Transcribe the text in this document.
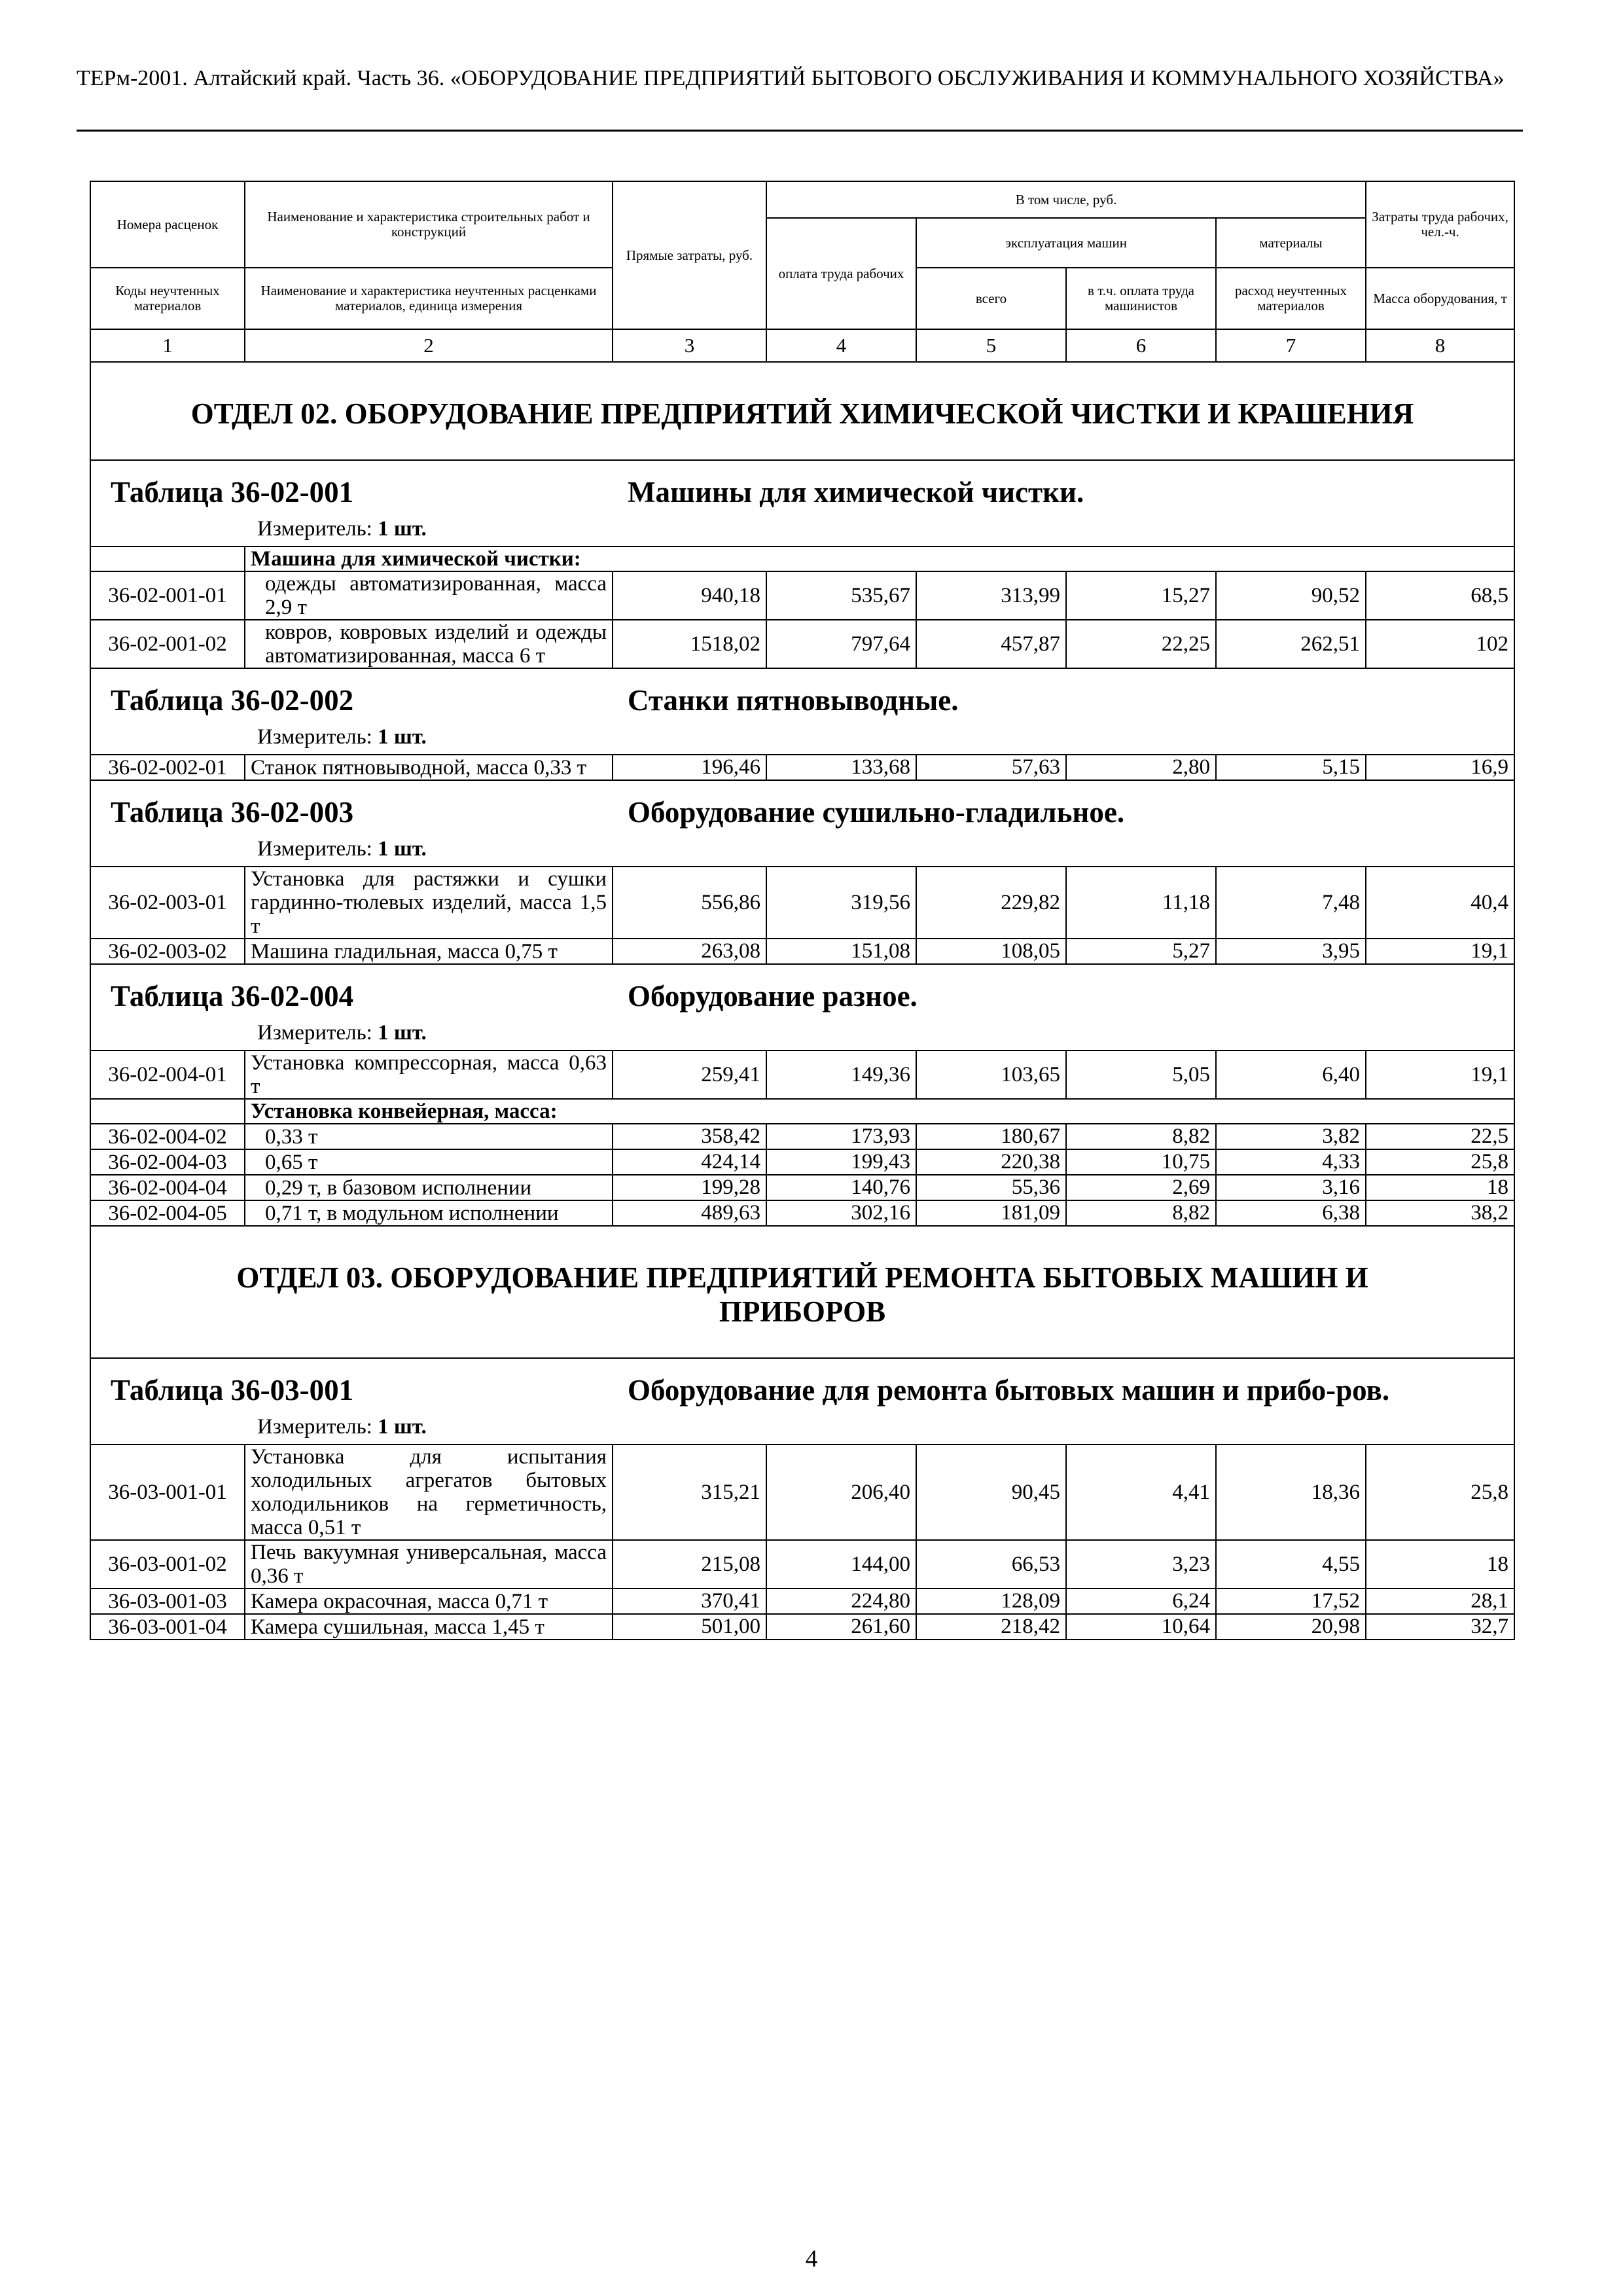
ТЕРм-2001. Алтайский край. Часть 36. «ОБОРУДОВАНИЕ ПРЕДПРИЯТИЙ БЫТОВОГО ОБСЛУЖИВАНИЯ И КОММУНАЛЬНОГО ХОЗЯЙСТВА»
Номера расценок	Наименование и характеристика строительных работ и конструкций	Прямые затраты, руб.	В том числе, руб.				Затраты труда рабочих, чел.-ч.
			оплата труда рабочих	эксплуатация машин		материалы	
Коды неучтенных материалов	Наименование и характеристика неучтенных расценками материалов, единица измерения			всего	в т.ч. оплата труда машинистов	расход неучтенных материалов	Масса оборудования, т
1	2	3	4	5	6	7	8
ОТДЕЛ 02. ОБОРУДОВАНИЕ ПРЕДПРИЯТИЙ ХИМИЧЕСКОЙ ЧИСТКИ И КРАШЕНИЯ							

Таблица 36-02-001 Машины для химической чистки.
Измеритель: 1 шт.							

	Машина для химической чистки:						
36-02-001-01	одежды автоматизированная, масса 2,9 т	940,18	535,67	313,99	15,27	90,52	68,5
36-02-001-02	ковров, ковровых изделий и одежды автоматизированная, масса 6 т	1518,02	797,64	457,87	22,25	262,51	102

Таблица 36-02-002 Станки пятновыводные.
Измеритель: 1 шт.							

36-02-002-01	Станок пятновыводной, масса 0,33 т	196,46	133,68	57,63	2,80	5,15	16,9

Таблица 36-02-003 Оборудование сушильно-гладильное.
Измеритель: 1 шт.							

36-02-003-01	Установка для растяжки и сушки гардинно-тюлевых изделий, масса 1,5 т	556,86	319,56	229,82	11,18	7,48	40,4
36-02-003-02	Машина гладильная, масса 0,75 т	263,08	151,08	108,05	5,27	3,95	19,1

Таблица 36-02-004 Оборудование разное.
Измеритель: 1 шт.							

36-02-004-01	Установка компрессорная, масса 0,63 т	259,41	149,36	103,65	5,05	6,40	19,1
	Установка конвейерная, масса:						
36-02-004-02	0,33 т	358,42	173,93	180,67	8,82	3,82	22,5
36-02-004-03	0,65 т	424,14	199,43	220,38	10,75	4,33	25,8
36-02-004-04	0,29 т, в базовом исполнении	199,28	140,76	55,36	2,69	3,16	18
36-02-004-05	0,71 т, в модульном исполнении	489,63	302,16	181,09	8,82	6,38	38,2
ОТДЕЛ 03. ОБОРУДОВАНИЕ ПРЕДПРИЯТИЙ РЕМОНТА БЫТОВЫХ МАШИН И ПРИБОРОВ							

Таблица 36-03-001 Оборудование для ремонта бытовых машин и прибо-ров.
Измеритель: 1 шт.							

36-03-001-01	Установка для испытания холодильных агрегатов бытовых холодильников на герметичность, масса 0,51 т	315,21	206,40	90,45	4,41	18,36	25,8
36-03-001-02	Печь вакуумная универсальная, масса 0,36 т	215,08	144,00	66,53	3,23	4,55	18
36-03-001-03	Камера окрасочная, масса 0,71 т	370,41	224,80	128,09	6,24	17,52	28,1
36-03-001-04	Камера сушильная, масса 1,45 т	501,00	261,60	218,42	10,64	20,98	32,7
4
